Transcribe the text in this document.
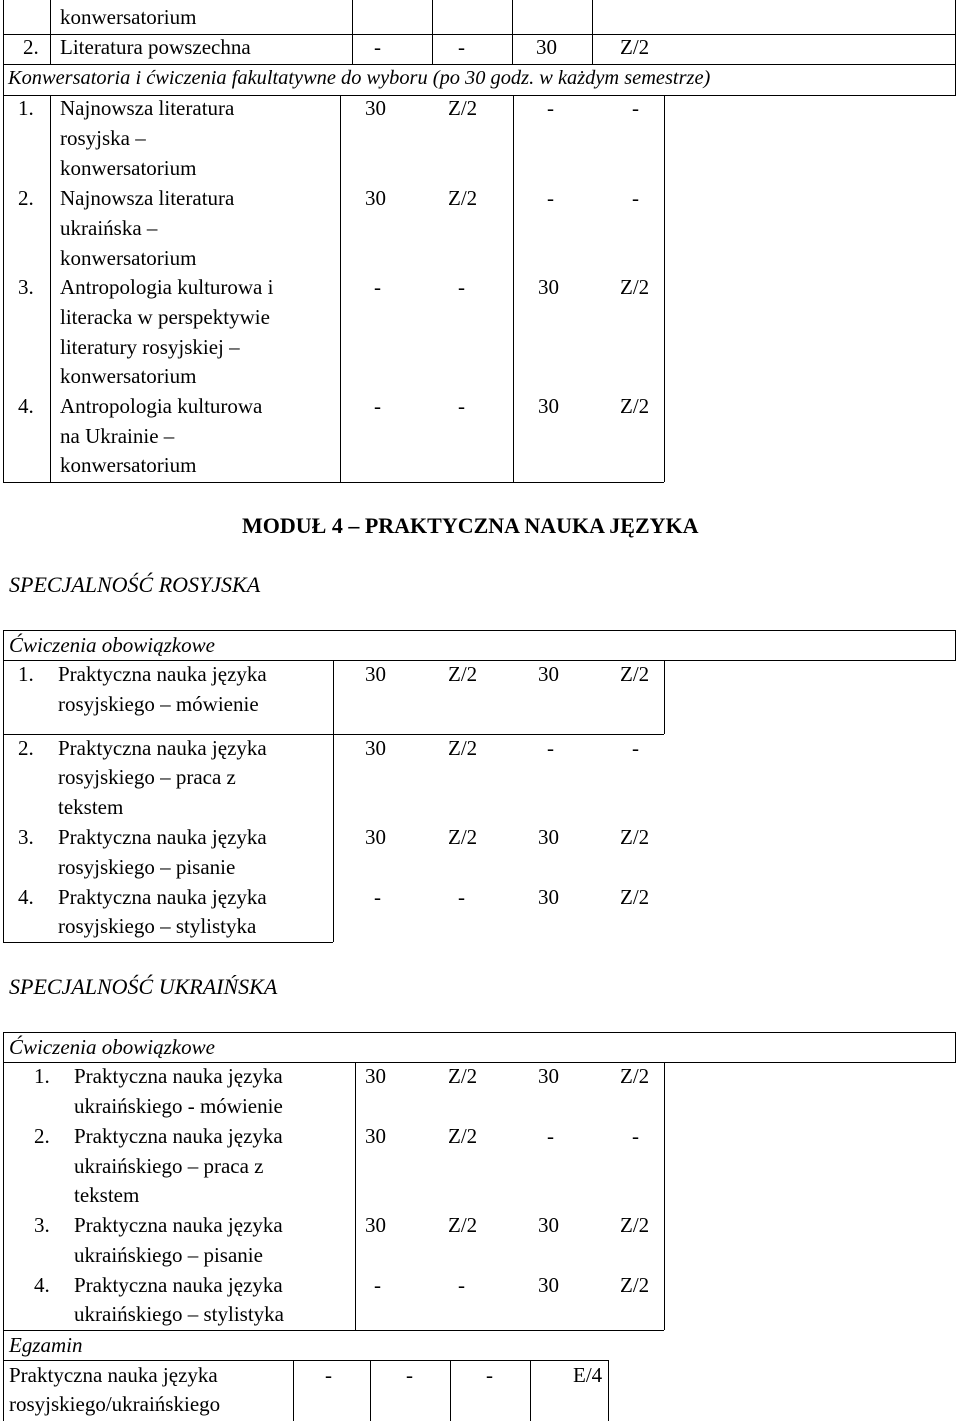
konwersatorium
2. Literatura powszechna	-	-	30	Z/2
Konwersatoria i ćwiczenia fakultatywne do wyboru (po 30 godz. w każdym semestrze)
1. Najnowsza literatura
rosyjska –
konwersatorium
30	Z/2	-	-
2. Najnowsza literatura
ukraińska –
konwersatorium
30	Z/2	-	-
3. Antropologia kulturowa i
literacka w perspektywie
literatury rosyjskiej –
konwersatorium
-	-	30	Z/2
4. Antropologia kulturowa
na Ukrainie –
konwersatorium
-	-	30	Z/2
MODUŁ 4 – PRAKTYCZNA NAUKA JĘZYKA
SPECJALNOŚĆ ROSYJSKA
Ćwiczenia obowiązkowe
1. Praktyczna nauka języka
rosyjskiego – mówienie
30	Z/2	30	Z/2
2. Praktyczna nauka języka
rosyjskiego – praca z
tekstem
30	Z/2	-	-
3. Praktyczna nauka języka
rosyjskiego – pisanie
30	Z/2	30	Z/2
4. Praktyczna nauka języka
rosyjskiego – stylistyka
-	-	30	Z/2
SPECJALNOŚĆ UKRAIŃSKA
Ćwiczenia obowiązkowe
1. Praktyczna nauka języka
ukraińskiego - mówienie
30	Z/2	30	Z/2
2. Praktyczna nauka języka
ukraińskiego – praca z
tekstem
30	Z/2	-	-
3. Praktyczna nauka języka
ukraińskiego – pisanie
30	Z/2	30	Z/2
4. Praktyczna nauka języka
ukraińskiego – stylistyka
-	-	30	Z/2
Egzamin
Praktyczna nauka języka
rosyjskiego/ukraińskiego
-	-	-	E/4
